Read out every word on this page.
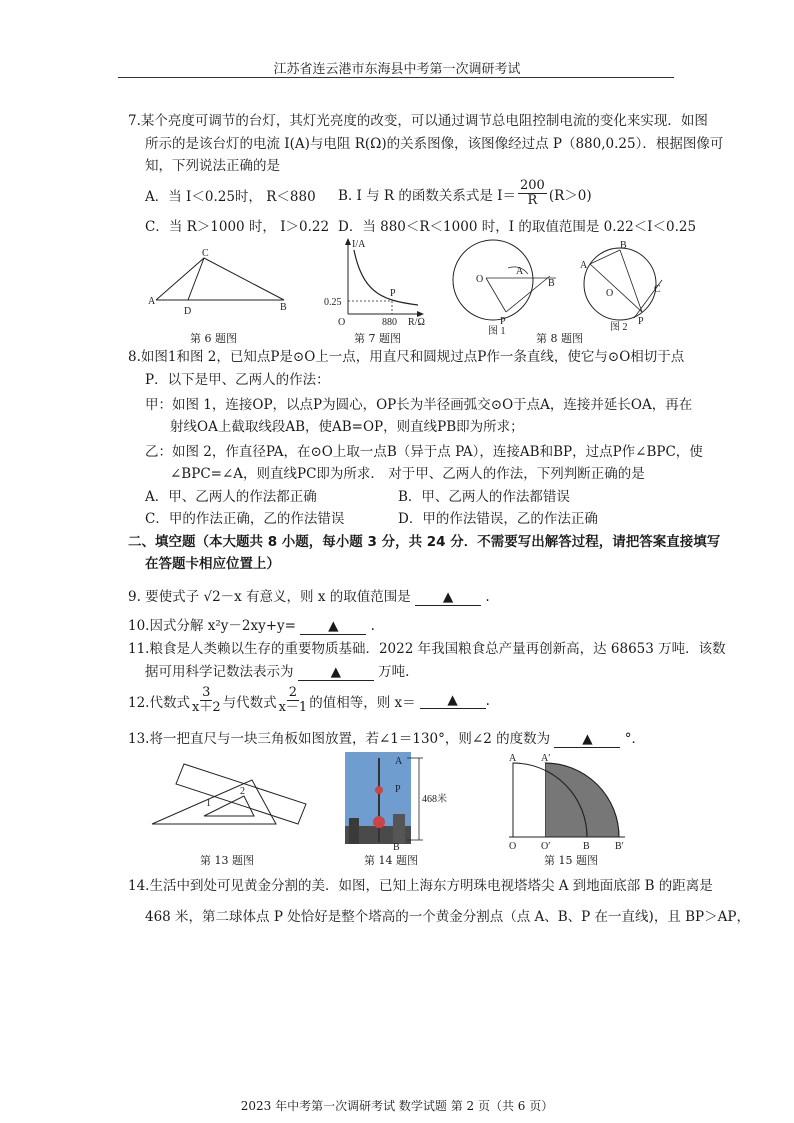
江苏省连云港市东海县中考第一次调研考试
7.某个亮度可调节的台灯，其灯光亮度的改变，可以通过调节总电阻控制电流的变化来实现．如图
所示的是该台灯的电流 I(A)与电阻 R(Ω)的关系图像，该图像经过点 P（880,0.25）．根据图像可
知，下列说法正确的是
A．当 I＜0.25时， R＜880 B. I 与 R 的函数关系式是 $I= \frac{200}{R} (R>0)$
C．当 R＞1000 时， I＞0.22 D．当 880＜R＜1000 时，I 的取值范围是 0.22＜I＜0.25
A
C
D	B
第 6 题图
I/A
P
0.25
O	880 R/Ω
第 7 题图
O
A
B
P
图 1
A
B
O	C
P
图 2
第 8 题图
8.如图1和图 2，已知点P是⊙O上一点，用直尺和圆规过点P作一条直线，使它与⊙O相切于点
P．以下是甲、乙两人的作法：
甲：如图 1，连接OP，以点P为圆心，OP长为半径画弧交⊙O于点A，连接并延长OA，再在
射线OA上截取线段AB，使AB=OP，则直线PB即为所求；
乙：如图 2，作直径PA，在⊙O上取一点B（异于点 PA），连接AB和BP，过点P作∠BPC，使
∠BPC=∠A，则直线PC即为所求． 对于甲、乙两人的作法，下列判断正确的是
A．甲、乙两人的作法都正确	B．甲、乙两人的作法都错误
C．甲的作法正确，乙的作法错误	D．甲的作法错误，乙的作法正确
二、填空题（本大题共 8 小题，每小题 3 分，共 24 分．不需要写出解答过程，请把答案直接填写
在答题卡相应位置上）
9. 要使式子 √2－x 有意义，则 x 的取值范围是 ▲ .
10.因式分解 x²y－2xy+y= ▲ .
11.粮食是人类赖以生存的重要物质基础．2022 年我国粮食总产量再创新高，达 68653 万吨．该数
据可用科学记数法表示为	▲	万吨.
12.代数式 $\frac{3}{x+2}$ 与代数式 $\frac{2}{x-1}$ 的值相等，则 x＝	▲	.
13.将一把直尺与一块三角板如图放置，若∠1＝130°，则∠2 的度数为 ▲ °．
1
2
第 13 题图
A
P
B
468米
第 14 题图
A A′
O O′	B	B′
第 15 题图
14.生活中到处可见黄金分割的美．如图，已知上海东方明珠电视塔塔尖 A 到地面底部 B 的距离是
468 米，第二球体点 P 处恰好是整个塔高的一个黄金分割点（点 A、B、P 在一直线)，且 BP＞AP，
2023 年中考第一次调研考试 数学试题 第 2 页（共 6 页）
